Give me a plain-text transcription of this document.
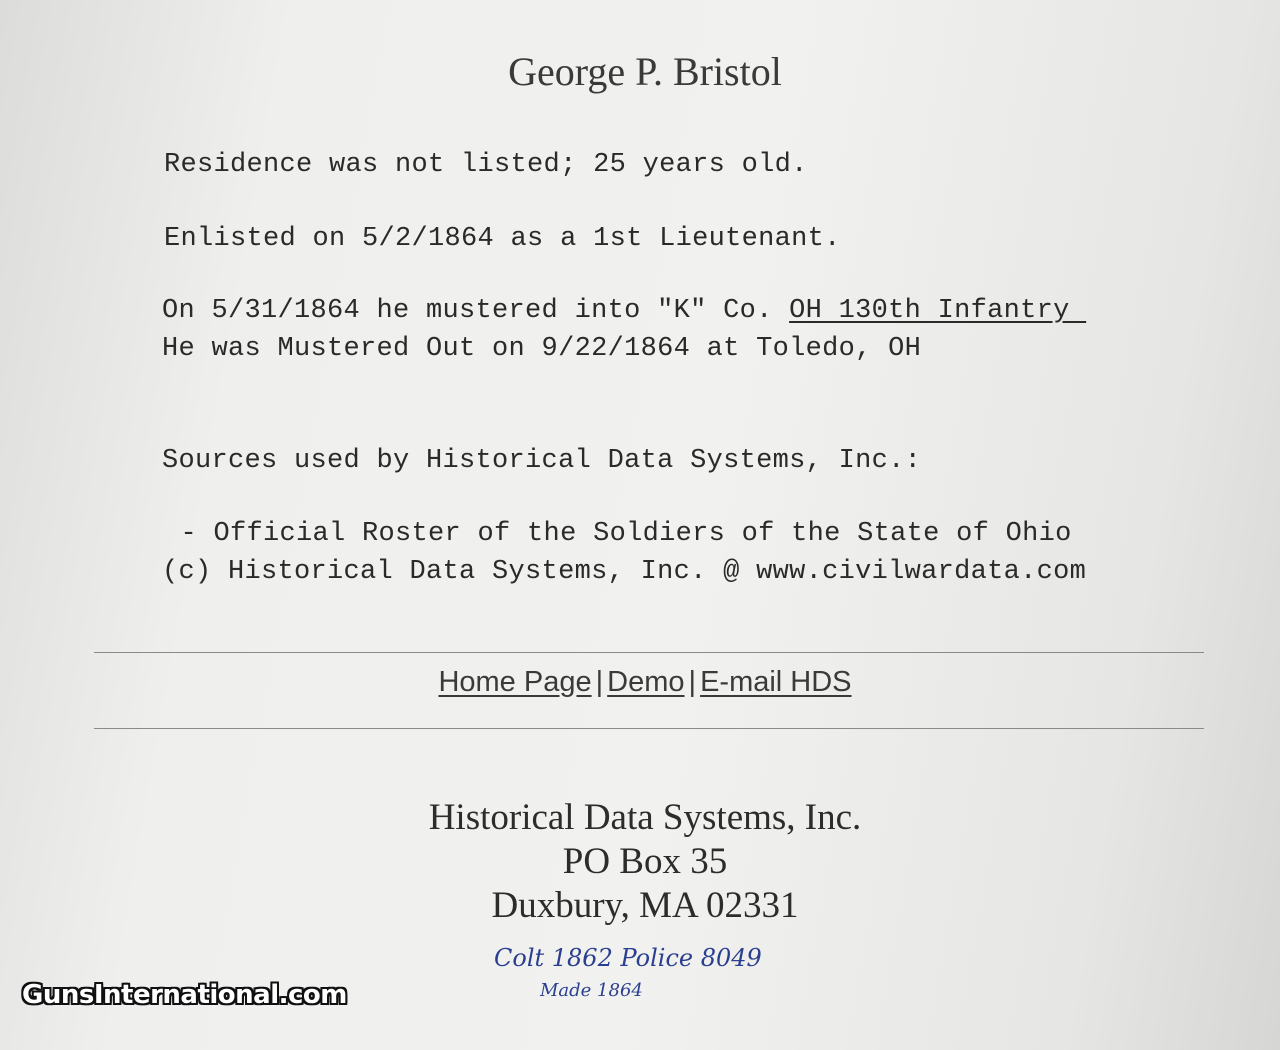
George P. Bristol
Residence was not listed; 25 years old.
Enlisted on 5/2/1864 as a 1st Lieutenant.
On 5/31/1864 he mustered into "K" Co. OH 130th Infantry
He was Mustered Out on 9/22/1864 at Toledo, OH
Sources used by Historical Data Systems, Inc.:
- Official Roster of the Soldiers of the State of Ohio
(c) Historical Data Systems, Inc. @ www.civilwardata.com
Home Page | Demo | E-mail HDS
Historical Data Systems, Inc.
PO Box 35
Duxbury, MA 02331
Colt 1862 Police 8049
Made 1864
GunsInternational.com
